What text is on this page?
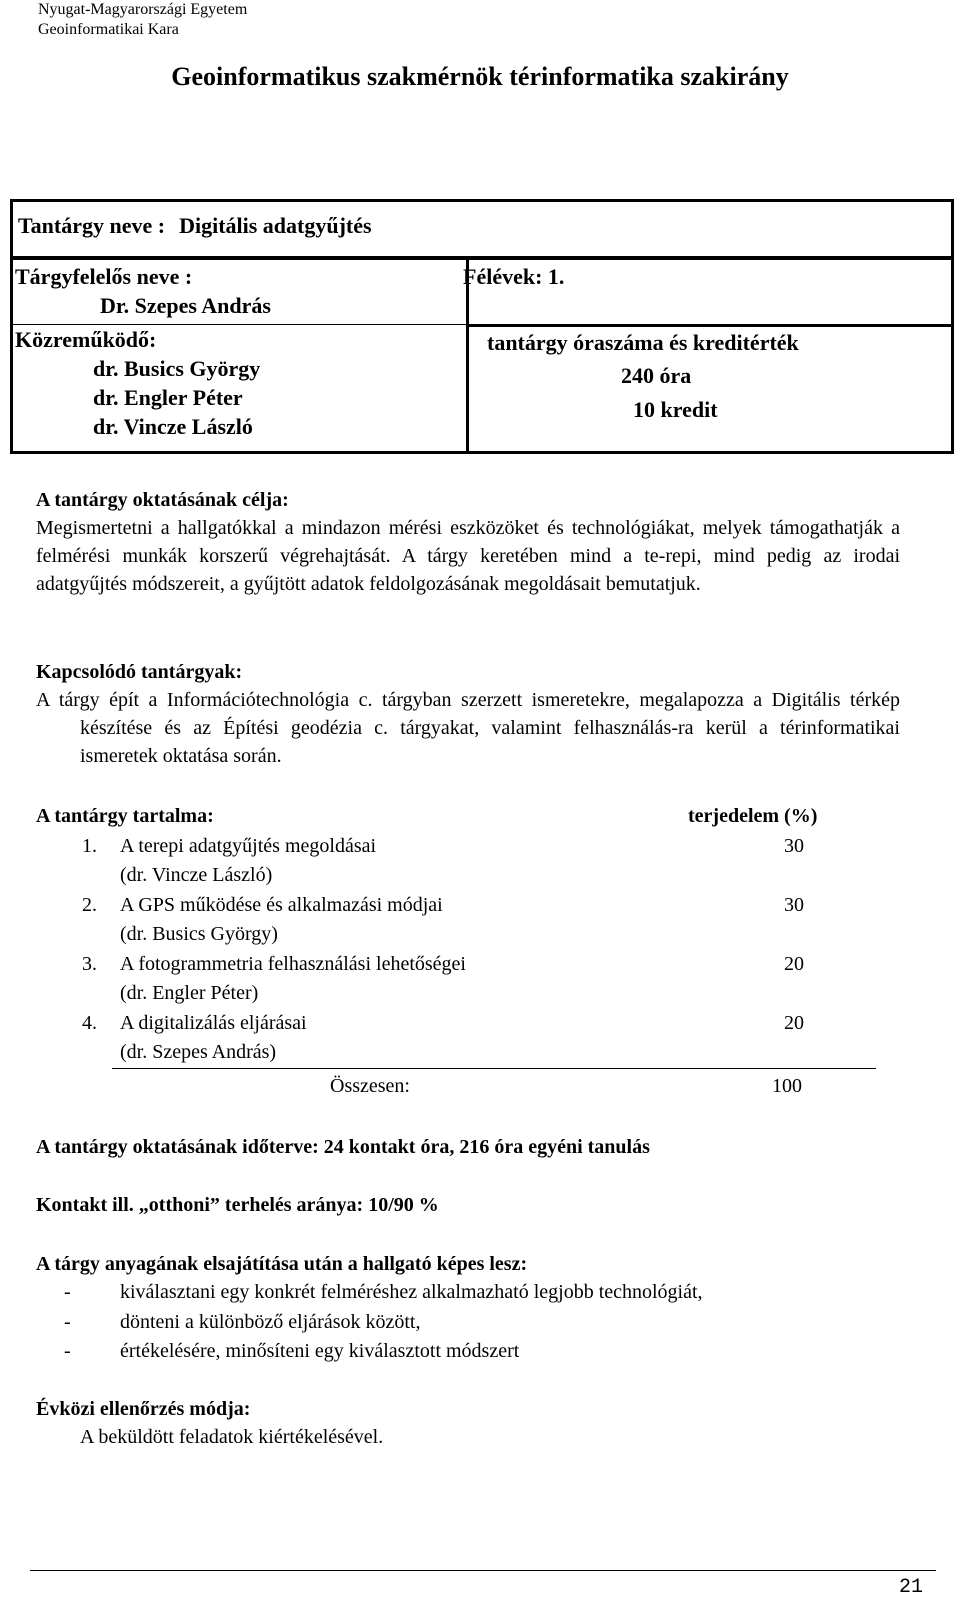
Nyugat-Magyarországi Egyetem
Geoinformatikai Kara
Geoinformatikus szakmérnök térinformatika szakirány
Tantárgy neve : Digitális adatgyűjtés
Tárgyfelelős neve :
Dr. Szepes András
Félévek: 1.
Közreműködő:
dr. Busics György
dr. Engler Péter
dr. Vincze László
tantárgy óraszáma és kreditérték
240 óra
10 kredit
A tantárgy oktatásának célja:
Megismertetni a hallgatókkal a mindazon mérési eszközöket és technológiákat, melyek támogathatják a felmérési munkák korszerű végrehajtását. A tárgy keretében mind a te-repi, mind pedig az irodai adatgyűjtés módszereit, a gyűjtött adatok feldolgozásának megoldásait bemutatjuk.
Kapcsolódó tantárgyak:
A tárgy épít a Információtechnológia c. tárgyban szerzett ismeretekre, megalapozza a Digitális térkép készítése és az Építési geodézia c. tárgyakat, valamint felhasználás-ra kerül a térinformatikai ismeretek oktatása során.
A tantárgy tartalma:	terjedelem (%)
1. A terepi adatgyűjtés megoldásai	30
(dr. Vincze László)
2. A GPS működése és alkalmazási módjai	30
(dr. Busics György)
3. A fotogrammetria felhasználási lehetőségei	20
(dr. Engler Péter)
4. A digitalizálás eljárásai	20
(dr. Szepes András)
Összesen:	100
A tantárgy oktatásának időterve: 24 kontakt óra, 216 óra egyéni tanulás
Kontakt ill. „otthoni” terhelés aránya: 10/90 %
A tárgy anyagának elsajátítása után a hallgató képes lesz:
- kiválasztani egy konkrét felméréshez alkalmazható legjobb technológiát,
- dönteni a különböző eljárások között,
- értékelésére, minősíteni egy kiválasztott módszert
Évközi ellenőrzés módja:
A beküldött feladatok kiértékelésével.
21
